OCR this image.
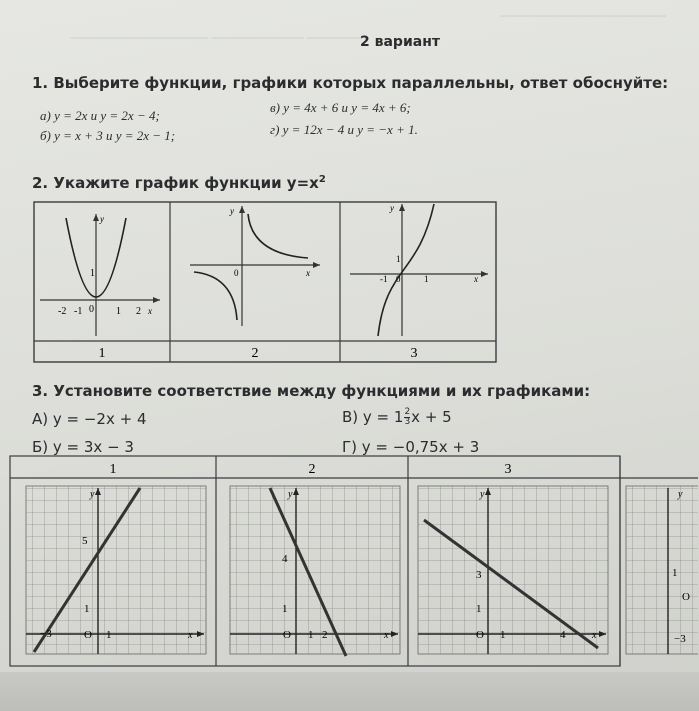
─────────────── ────────── ──────
──────────────────
2 вариант
1. Выберите функции, графики которых параллельны, ответ обоснуйте:
а) y = 2x и y = 2x − 4;
б) y = x + 3 и y = 2x − 1;
в) y = 4x + 6 и y = 4x + 6;
г) y = 12x − 4 и y = −x + 1.
2. Укажите график функции $y=x^2$
y
1
-2 -1 0 1 2 x
y
0	x
y
1
-1 0	1	x
1	2	3
3. Установите соответствие между функциями и их графиками:
А) y = −2x + 4
Б) y = 3x − 3
В) $y = 1 \frac{2}{3}$ x + 5
Г) y = −0,75x + 3
1	2	3
y
5
1
−3	O 1	x
y
4
1
O 1 2	x
y
3
1
O 1	4	x
y
1
O
−3
